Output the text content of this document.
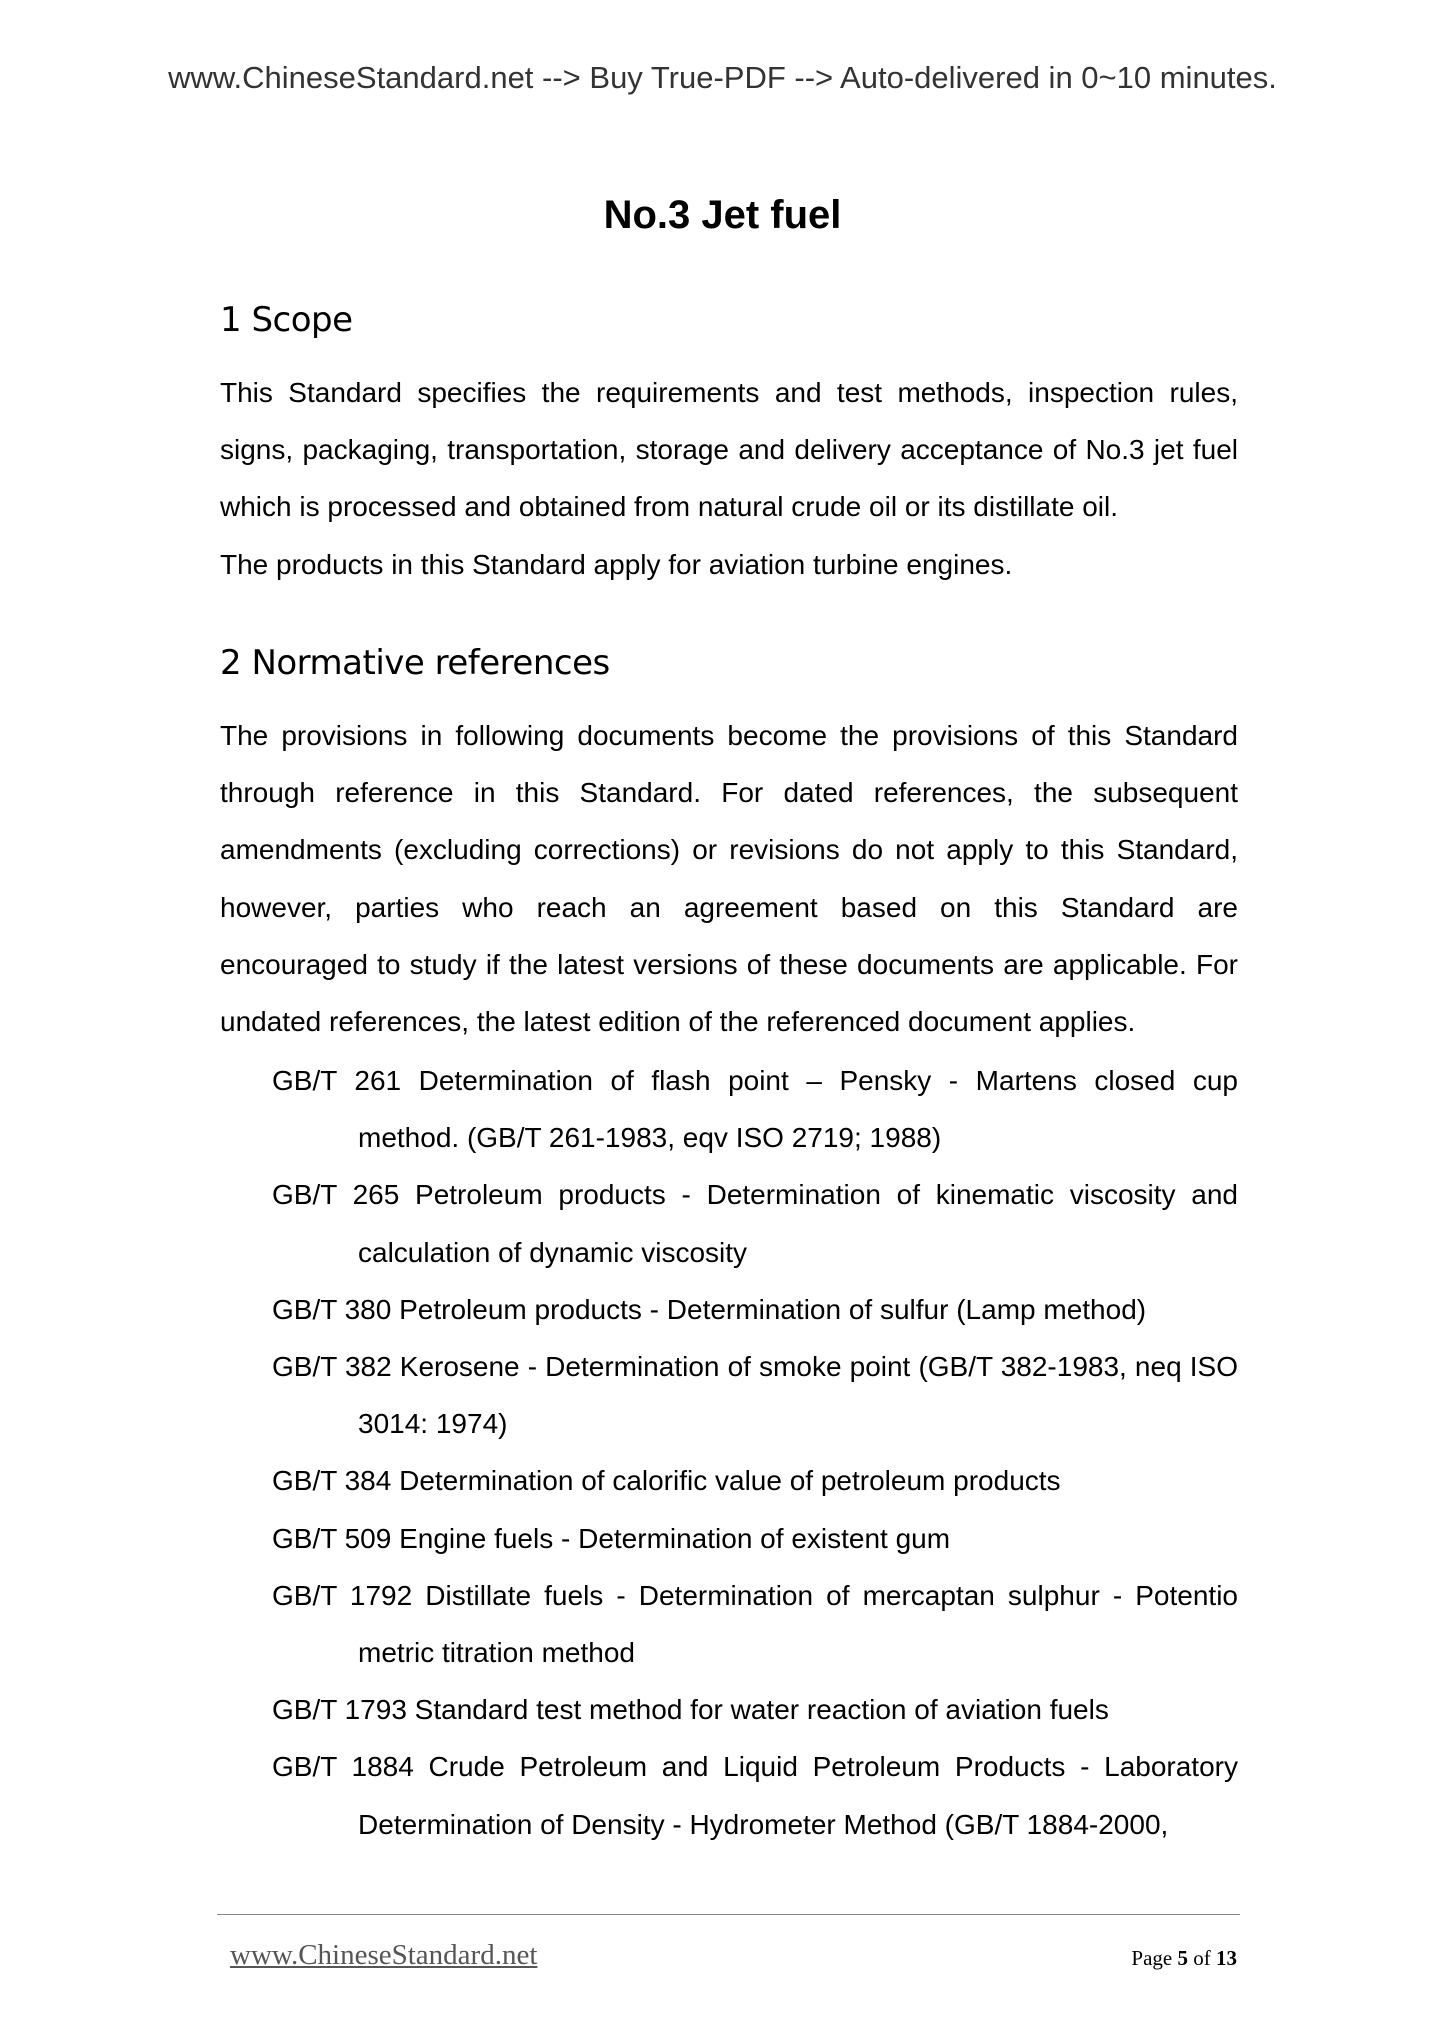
www.ChineseStandard.net --> Buy True-PDF --> Auto-delivered in 0~10 minutes.
No.3 Jet fuel
1 Scope

This Standard specifies the requirements and test methods, inspection rules, signs, packaging, transportation, storage and delivery acceptance of No.3 jet fuel which is processed and obtained from natural crude oil or its distillate oil.

The products in this Standard apply for aviation turbine engines.

2 Normative references

The provisions in following documents become the provisions of this Standard through reference in this Standard. For dated references, the subsequent amendments (excluding corrections) or revisions do not apply to this Standard, however, parties who reach an agreement based on this Standard are encouraged to study if the latest versions of these documents are applicable. For undated references, the latest edition of the referenced document applies.

GB/T 261 Determination of flash point – Pensky - Martens closed cup method. (GB/T 261-1983, eqv ISO 2719; 1988)
GB/T 265 Petroleum products - Determination of kinematic viscosity and calculation of dynamic viscosity
GB/T 380 Petroleum products - Determination of sulfur (Lamp method)
GB/T 382 Kerosene - Determination of smoke point (GB/T 382-1983, neq ISO 3014: 1974)
GB/T 384 Determination of calorific value of petroleum products
GB/T 509 Engine fuels - Determination of existent gum
GB/T 1792 Distillate fuels - Determination of mercaptan sulphur - Potentio metric titration method
GB/T 1793 Standard test method for water reaction of aviation fuels
GB/T 1884 Crude Petroleum and Liquid Petroleum Products - Laboratory Determination of Density - Hydrometer Method (GB/T 1884-2000,
www.ChineseStandard.net	Page 5 of 13
